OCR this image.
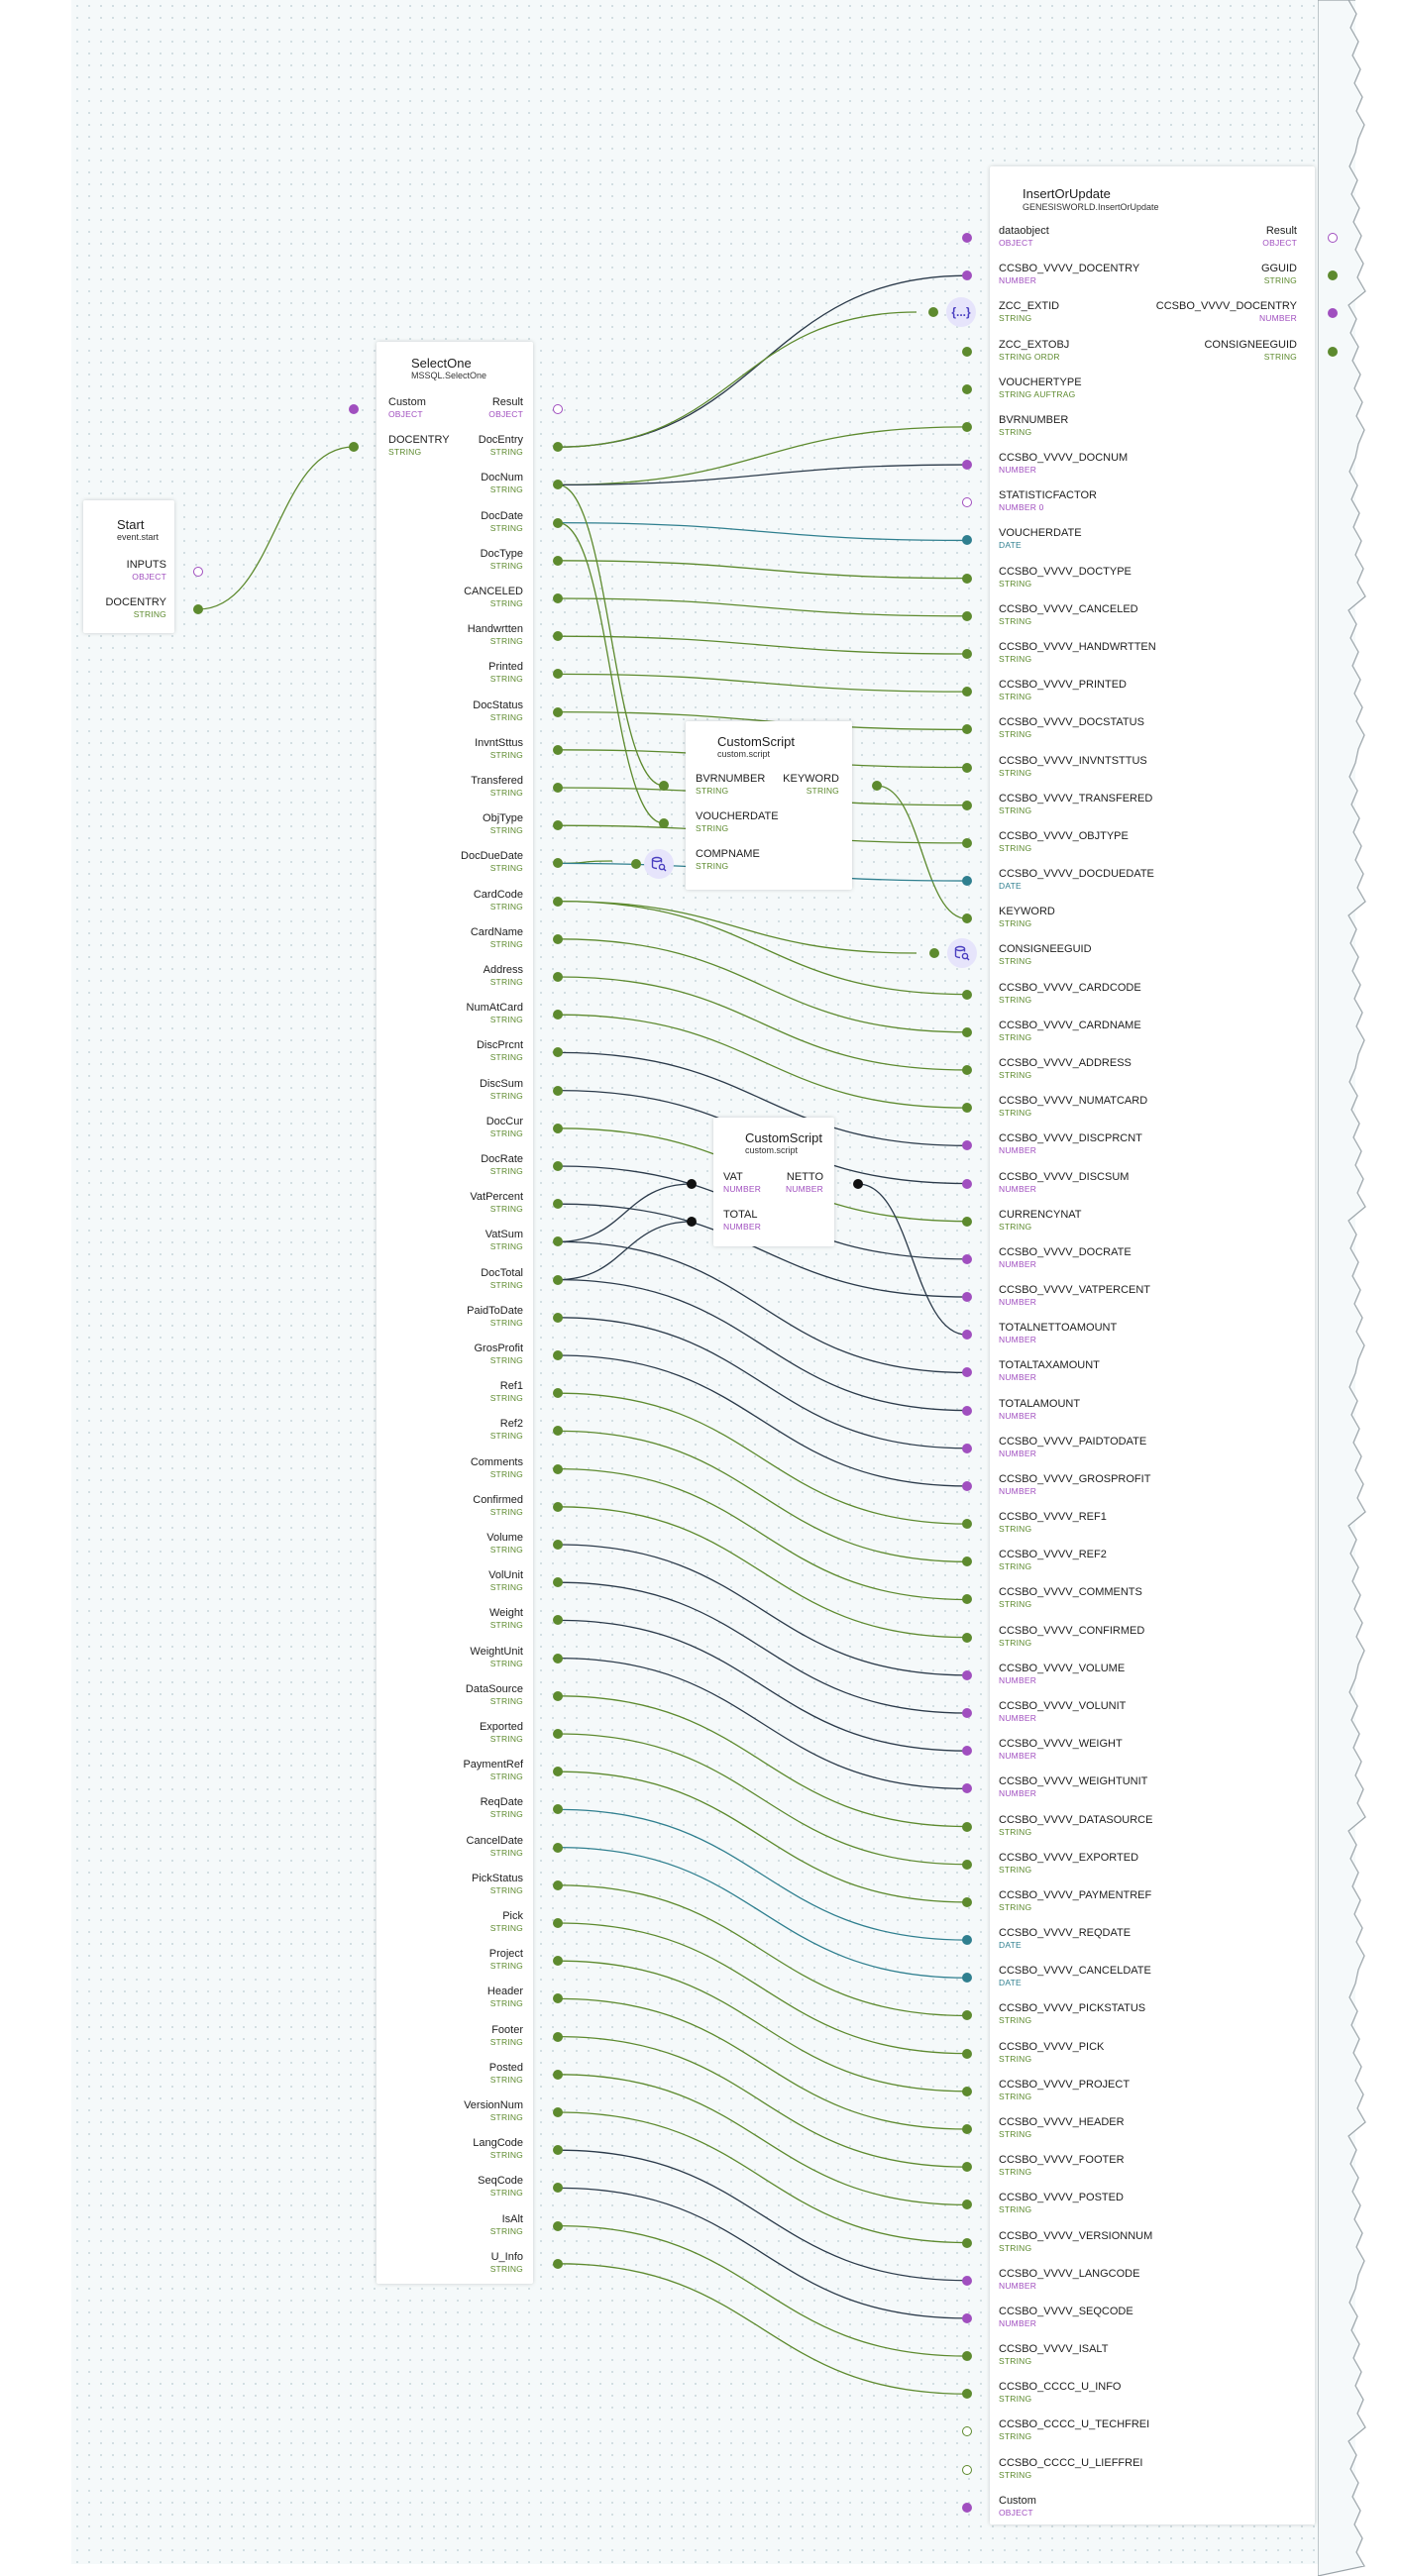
Start
event.start
INPUTS
OBJECT
DOCENTRY
STRING
SelectOne
MSSQL.SelectOne
Custom
OBJECT
DOCENTRY
STRING
Result
OBJECT
DocEntry
STRING
DocNum
STRING
DocDate
STRING
DocType
STRING
CANCELED
STRING
Handwrtten
STRING
Printed
STRING
DocStatus
STRING
InvntSttus
STRING
Transfered
STRING
ObjType
STRING
DocDueDate
STRING
CardCode
STRING
CardName
STRING
Address
STRING
NumAtCard
STRING
DiscPrcnt
STRING
DiscSum
STRING
DocCur
STRING
DocRate
STRING
VatPercent
STRING
VatSum
STRING
DocTotal
STRING
PaidToDate
STRING
GrosProfit
STRING
Ref1
STRING
Ref2
STRING
Comments
STRING
Confirmed
STRING
Volume
STRING
VolUnit
STRING
Weight
STRING
WeightUnit
STRING
DataSource
STRING
Exported
STRING
PaymentRef
STRING
ReqDate
STRING
CancelDate
STRING
PickStatus
STRING
Pick
STRING
Project
STRING
Header
STRING
Footer
STRING
Posted
STRING
VersionNum
STRING
LangCode
STRING
SeqCode
STRING
IsAlt
STRING
U_Info
STRING
CustomScript
custom.script
BVRNUMBER
STRING
VOUCHERDATE
STRING
COMPNAME
STRING
KEYWORD
STRING
CustomScript
custom.script
VAT
NUMBER
TOTAL
NUMBER
NETTO
NUMBER
InsertOrUpdate
GENESISWORLD.InsertOrUpdate
dataobject
OBJECT
CCSBO_VVVV_DOCENTRY
NUMBER
ZCC_EXTID
STRING
ZCC_EXTOBJ
STRING ORDR
VOUCHERTYPE
STRING AUFTRAG
BVRNUMBER
STRING
CCSBO_VVVV_DOCNUM
NUMBER
STATISTICFACTOR
NUMBER 0
VOUCHERDATE
DATE
CCSBO_VVVV_DOCTYPE
STRING
CCSBO_VVVV_CANCELED
STRING
CCSBO_VVVV_HANDWRTTEN
STRING
CCSBO_VVVV_PRINTED
STRING
CCSBO_VVVV_DOCSTATUS
STRING
CCSBO_VVVV_INVNTSTTUS
STRING
CCSBO_VVVV_TRANSFERED
STRING
CCSBO_VVVV_OBJTYPE
STRING
CCSBO_VVVV_DOCDUEDATE
DATE
KEYWORD
STRING
CONSIGNEEGUID
STRING
CCSBO_VVVV_CARDCODE
STRING
CCSBO_VVVV_CARDNAME
STRING
CCSBO_VVVV_ADDRESS
STRING
CCSBO_VVVV_NUMATCARD
STRING
CCSBO_VVVV_DISCPRCNT
NUMBER
CCSBO_VVVV_DISCSUM
NUMBER
CURRENCYNAT
STRING
CCSBO_VVVV_DOCRATE
NUMBER
CCSBO_VVVV_VATPERCENT
NUMBER
TOTALNETTOAMOUNT
NUMBER
TOTALTAXAMOUNT
NUMBER
TOTALAMOUNT
NUMBER
CCSBO_VVVV_PAIDTODATE
NUMBER
CCSBO_VVVV_GROSPROFIT
NUMBER
CCSBO_VVVV_REF1
STRING
CCSBO_VVVV_REF2
STRING
CCSBO_VVVV_COMMENTS
STRING
CCSBO_VVVV_CONFIRMED
STRING
CCSBO_VVVV_VOLUME
NUMBER
CCSBO_VVVV_VOLUNIT
NUMBER
CCSBO_VVVV_WEIGHT
NUMBER
CCSBO_VVVV_WEIGHTUNIT
NUMBER
CCSBO_VVVV_DATASOURCE
STRING
CCSBO_VVVV_EXPORTED
STRING
CCSBO_VVVV_PAYMENTREF
STRING
CCSBO_VVVV_REQDATE
DATE
CCSBO_VVVV_CANCELDATE
DATE
CCSBO_VVVV_PICKSTATUS
STRING
CCSBO_VVVV_PICK
STRING
CCSBO_VVVV_PROJECT
STRING
CCSBO_VVVV_HEADER
STRING
CCSBO_VVVV_FOOTER
STRING
CCSBO_VVVV_POSTED
STRING
CCSBO_VVVV_VERSIONNUM
STRING
CCSBO_VVVV_LANGCODE
NUMBER
CCSBO_VVVV_SEQCODE
NUMBER
CCSBO_VVVV_ISALT
STRING
CCSBO_CCCC_U_INFO
STRING
CCSBO_CCCC_U_TECHFREI
STRING
CCSBO_CCCC_U_LIEFFREI
STRING
Custom
OBJECT
Result
OBJECT
GGUID
STRING
CCSBO_VVVV_DOCENTRY
NUMBER
CONSIGNEEGUID
STRING
{...}
